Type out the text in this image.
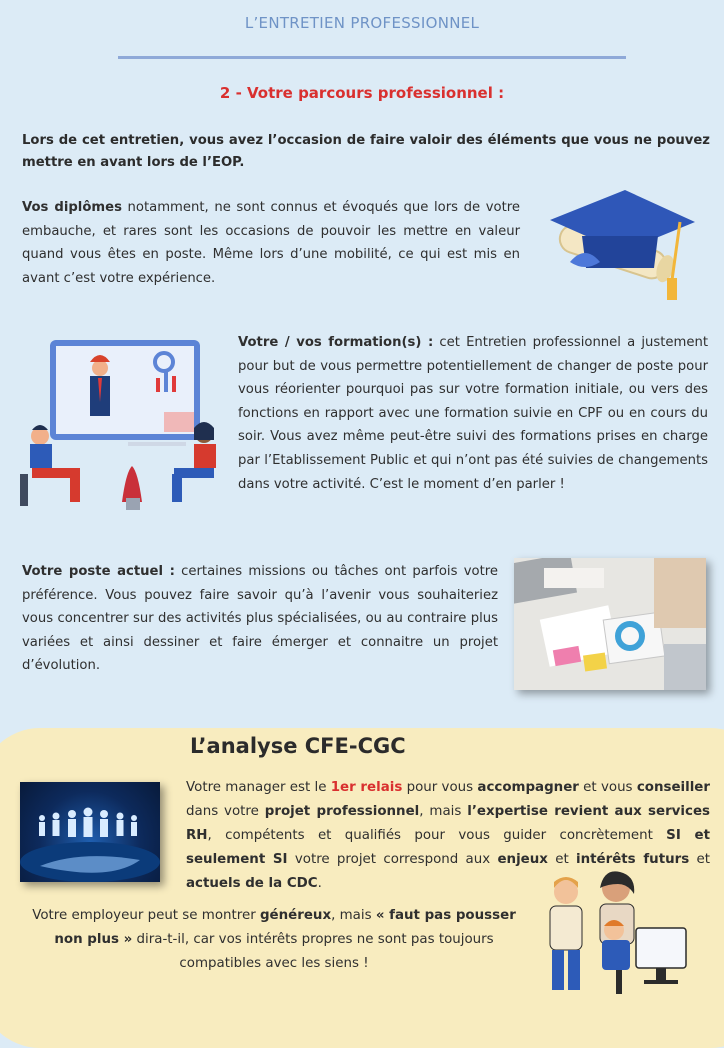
L’ENTRETIEN PROFESSIONNEL
2 - Votre parcours professionnel :
Lors de cet entretien, vous avez l’occasion de faire valoir des éléments que vous ne pouvez mettre en avant lors de l’EOP.
Vos diplômes notamment, ne sont connus et évoqués que lors de votre embauche, et rares sont les occasions de pouvoir les mettre en valeur quand vous êtes en poste. Même lors d’une mobilité, ce qui est mis en avant c’est votre expérience.
Votre / vos formation(s) : cet Entretien professionnel a justement pour but de vous permettre potentiellement de changer de poste pour vous réorienter pourquoi pas sur votre formation initiale, ou vers des fonctions en rapport avec une formation suivie en CPF ou en cours du soir. Vous avez même peut-être suivi des formations prises en charge par l’Etablissement Public et qui n’ont pas été suivies de changements dans votre activité. C’est le moment d’en parler !
Votre poste actuel : certaines missions ou tâches ont parfois votre préférence. Vous pouvez faire savoir qu’à l’avenir vous souhaiteriez vous concentrer sur des activités plus spécialisées, ou au contraire plus variées et ainsi dessiner et faire émerger et connaitre un projet d’évolution.
L’analyse CFE-CGC
Votre manager est le 1er relais pour vous accompagner et vous conseiller dans votre projet professionnel, mais l’expertise revient aux services RH, compétents et qualifiés pour vous guider concrètement SI et seulement SI votre projet correspond aux enjeux et intérêts futurs et actuels de la CDC.
Votre employeur peut se montrer généreux, mais « faut pas pousser non plus » dira-t-il, car vos intérêts propres ne sont pas toujours compatibles avec les siens !
